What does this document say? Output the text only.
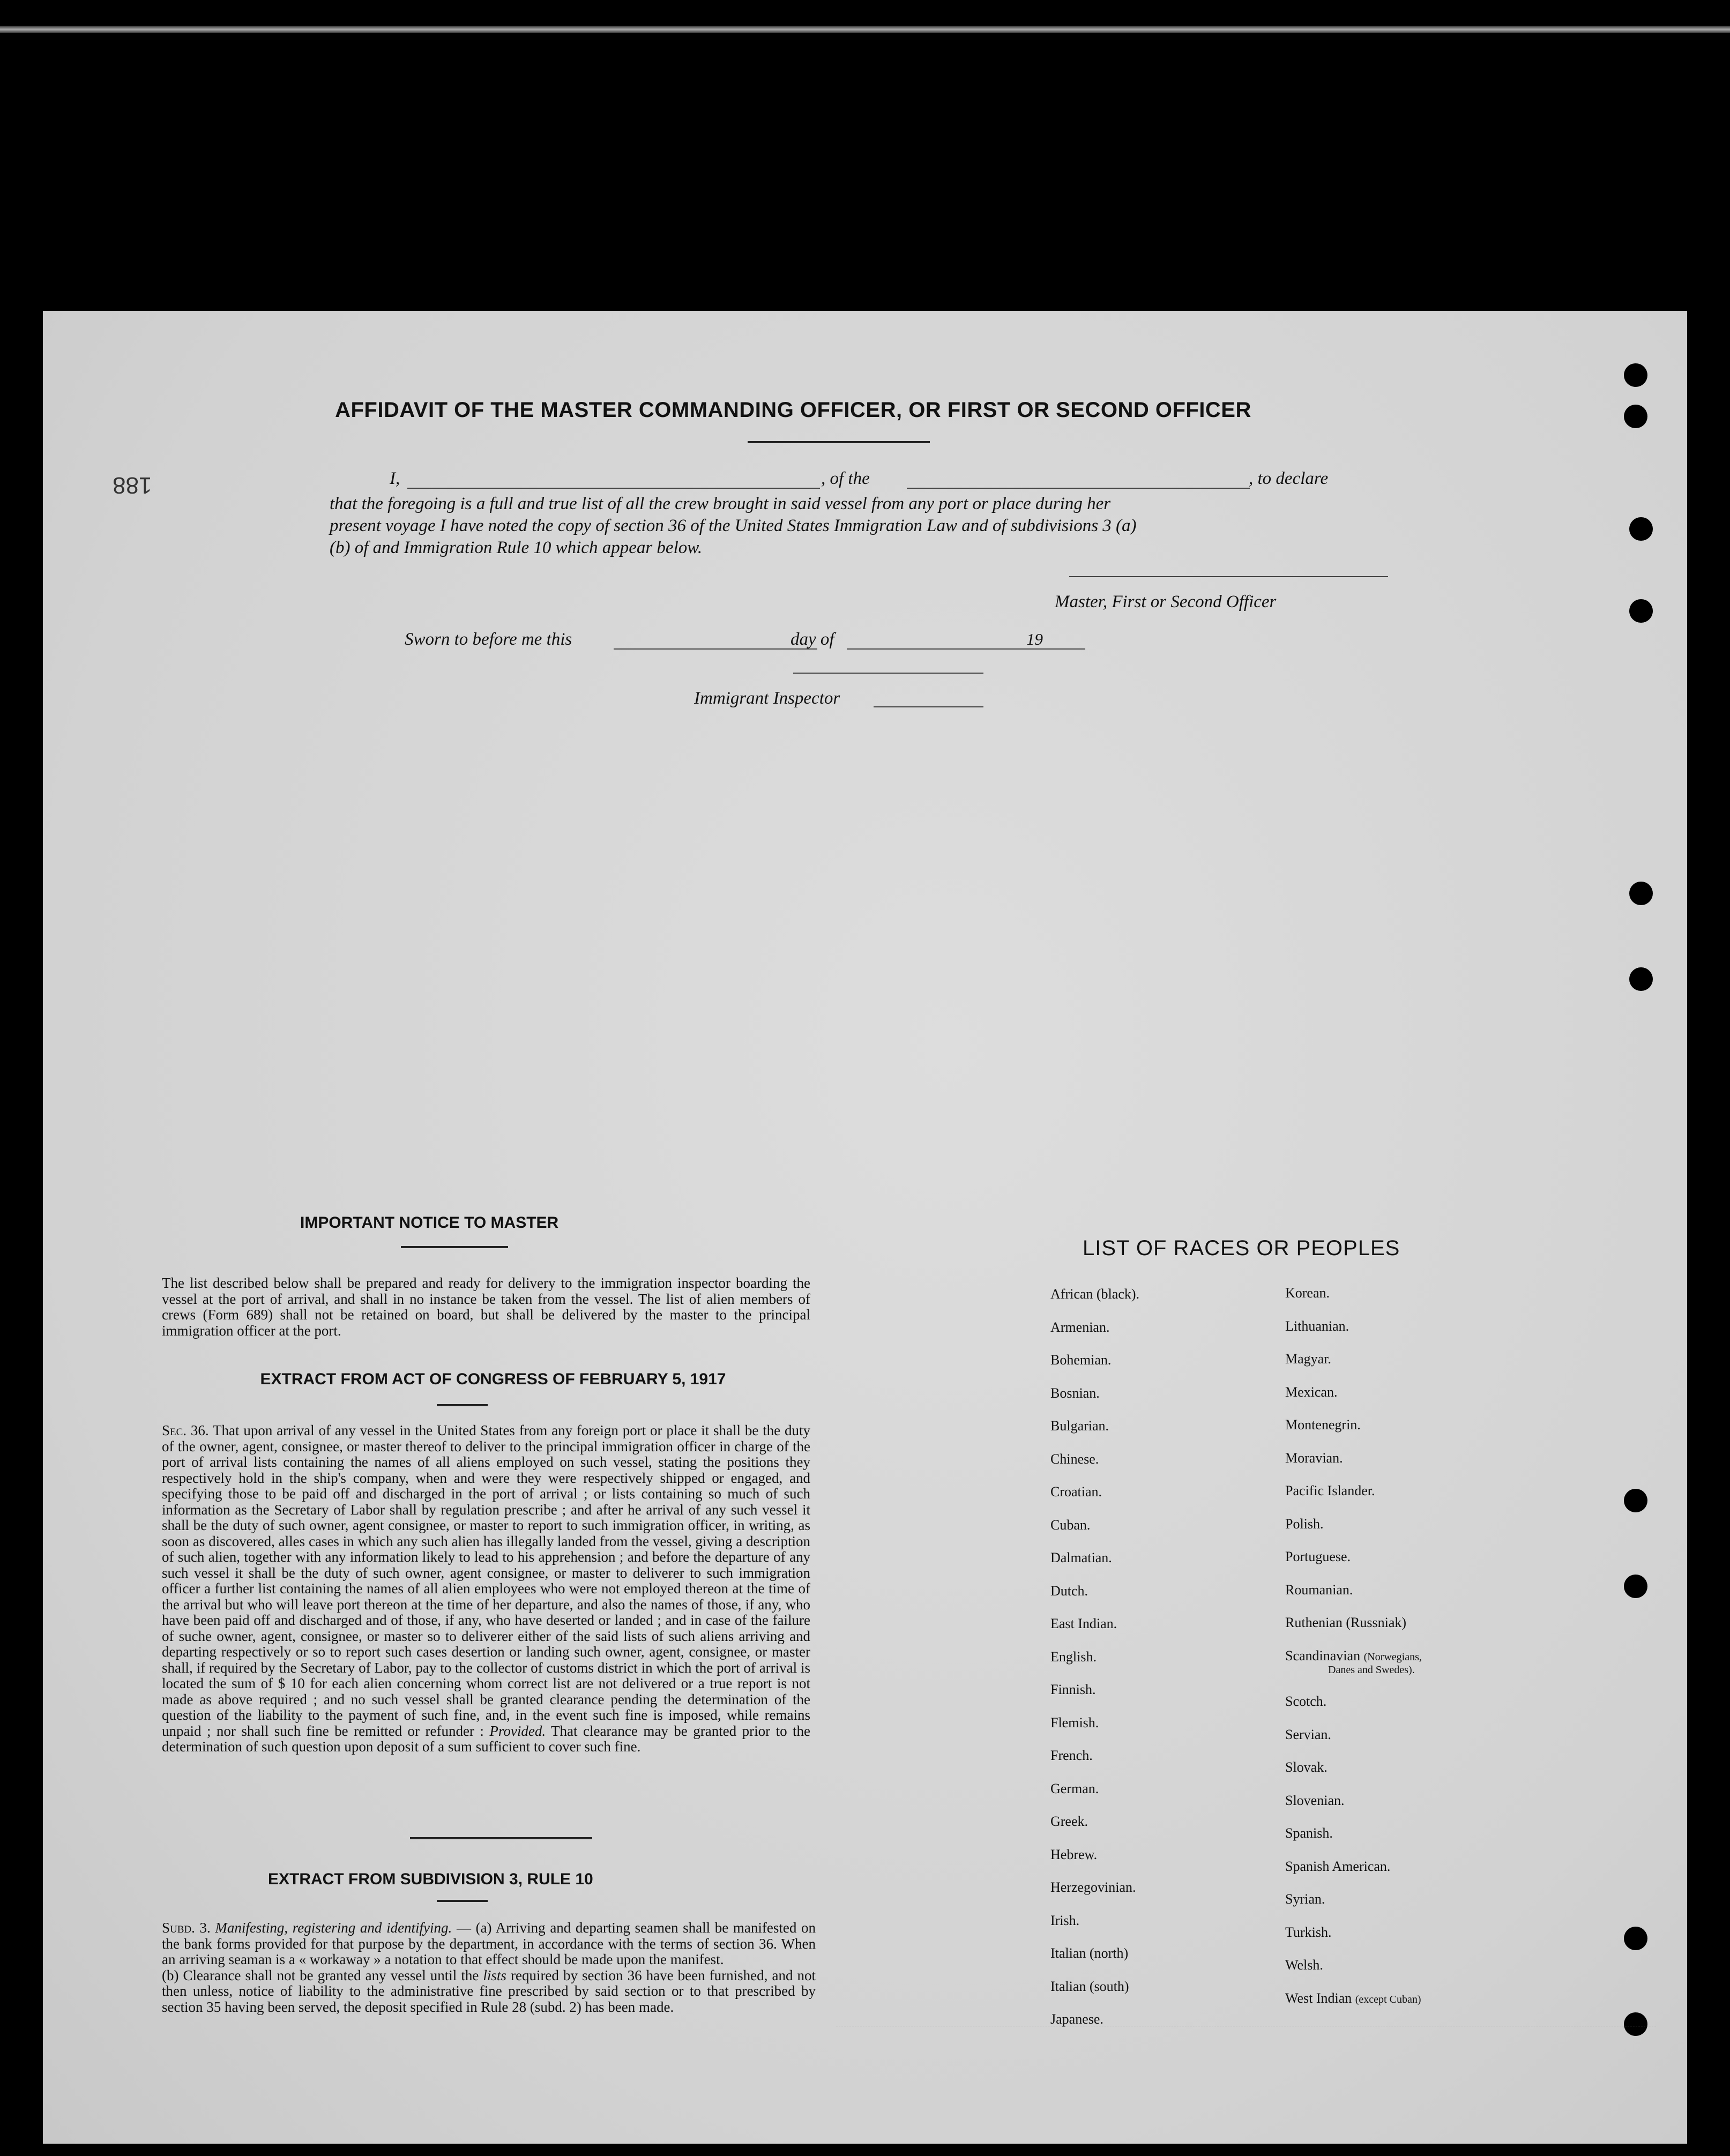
188
AFFIDAVIT OF THE MASTER COMMANDING OFFICER, OR FIRST OR SECOND OFFICER
I,	, of the	, to declare
that the foregoing is a full and true list of all the crew brought in said vessel from any port or place during her
present voyage I have noted the copy of section 36 of the United States Immigration Law and of subdivisions 3 (a)
(b) of and Immigration Rule 10 which appear below.
Master, First or Second Officer
Sworn to before me this	day of	19
Immigrant Inspector
IMPORTANT NOTICE TO MASTER
The list described below shall be prepared and ready for delivery to the immigration inspector boarding the vessel at the port of arrival, and shall in no instance be taken from the vessel. The list of alien members of crews (Form 689) shall not be retained on board, but shall be delivered by the master to the principal immigration officer at the port.
EXTRACT FROM ACT OF CONGRESS OF FEBRUARY 5, 1917
Sec. 36. That upon arrival of any vessel in the United States from any foreign port or place it shall be the duty of the owner, agent, consignee, or master thereof to deliver to the principal immigration officer in charge of the port of arrival lists containing the names of all aliens employed on such vessel, stating the positions they respectively hold in the ship's company, when and were they were respectively shipped or engaged, and specifying those to be paid off and discharged in the port of arrival ; or lists containing so much of such information as the Secretary of Labor shall by regulation prescribe ; and after he arrival of any such vessel it shall be the duty of such owner, agent consignee, or master to report to such immigration officer, in writing, as soon as discovered, alles cases in which any such alien has illegally landed from the vessel, giving a description of such alien, together with any information likely to lead to his apprehension ; and before the departure of any such vessel it shall be the duty of such owner, agent consignee, or master to deliverer to such immigration officer a further list containing the names of all alien employees who were not employed thereon at the time of the arrival but who will leave port thereon at the time of her departure, and also the names of those, if any, who have been paid off and discharged and of those, if any, who have deserted or landed ; and in case of the failure of suche owner, agent, consignee, or master so to deliverer either of the said lists of such aliens arriving and departing respectively or so to report such cases desertion or landing such owner, agent, consignee, or master shall, if required by the Secretary of Labor, pay to the collector of customs district in which the port of arrival is located the sum of $ 10 for each alien concerning whom correct list are not delivered or a true report is not made as above required ; and no such vessel shall be granted clearance pending the determination of the question of the liability to the payment of such fine, and, in the event such fine is imposed, while remains unpaid ; nor shall such fine be remitted or refunder : Provided. That clearance may be granted prior to the determination of such question upon deposit of a sum sufficient to cover such fine.
EXTRACT FROM SUBDIVISION 3, RULE 10
Subd. 3. Manifesting, registering and identifying. — (a) Arriving and departing seamen shall be manifested on the bank forms provided for that purpose by the department, in accordance with the terms of section 36. When an arriving seaman is a « workaway » a notation to that effect should be made upon the manifest.
(b) Clearance shall not be granted any vessel until the lists required by section 36 have been furnished, and not then unless, notice of liability to the administrative fine prescribed by said section or to that prescribed by section 35 having been served, the deposit specified in Rule 28 (subd. 2) has been made.
LIST OF RACES OR PEOPLES
African (black).
Armenian.
Bohemian.
Bosnian.
Bulgarian.
Chinese.
Croatian.
Cuban.
Dalmatian.
Dutch.
East Indian.
English.
Finnish.
Flemish.
French.
German.
Greek.
Hebrew.
Herzegovinian.
Irish.
Italian (north)
Italian (south)
Japanese.
Korean.
Lithuanian.
Magyar.
Mexican.
Montenegrin.
Moravian.
Pacific Islander.
Polish.
Portuguese.
Roumanian.
Ruthenian (Russniak)
Scandinavian (Norwegians,
Danes and Swedes).
Scotch.
Servian.
Slovak.
Slovenian.
Spanish.
Spanish American.
Syrian.
Turkish.
Welsh.
West Indian (except Cuban)
